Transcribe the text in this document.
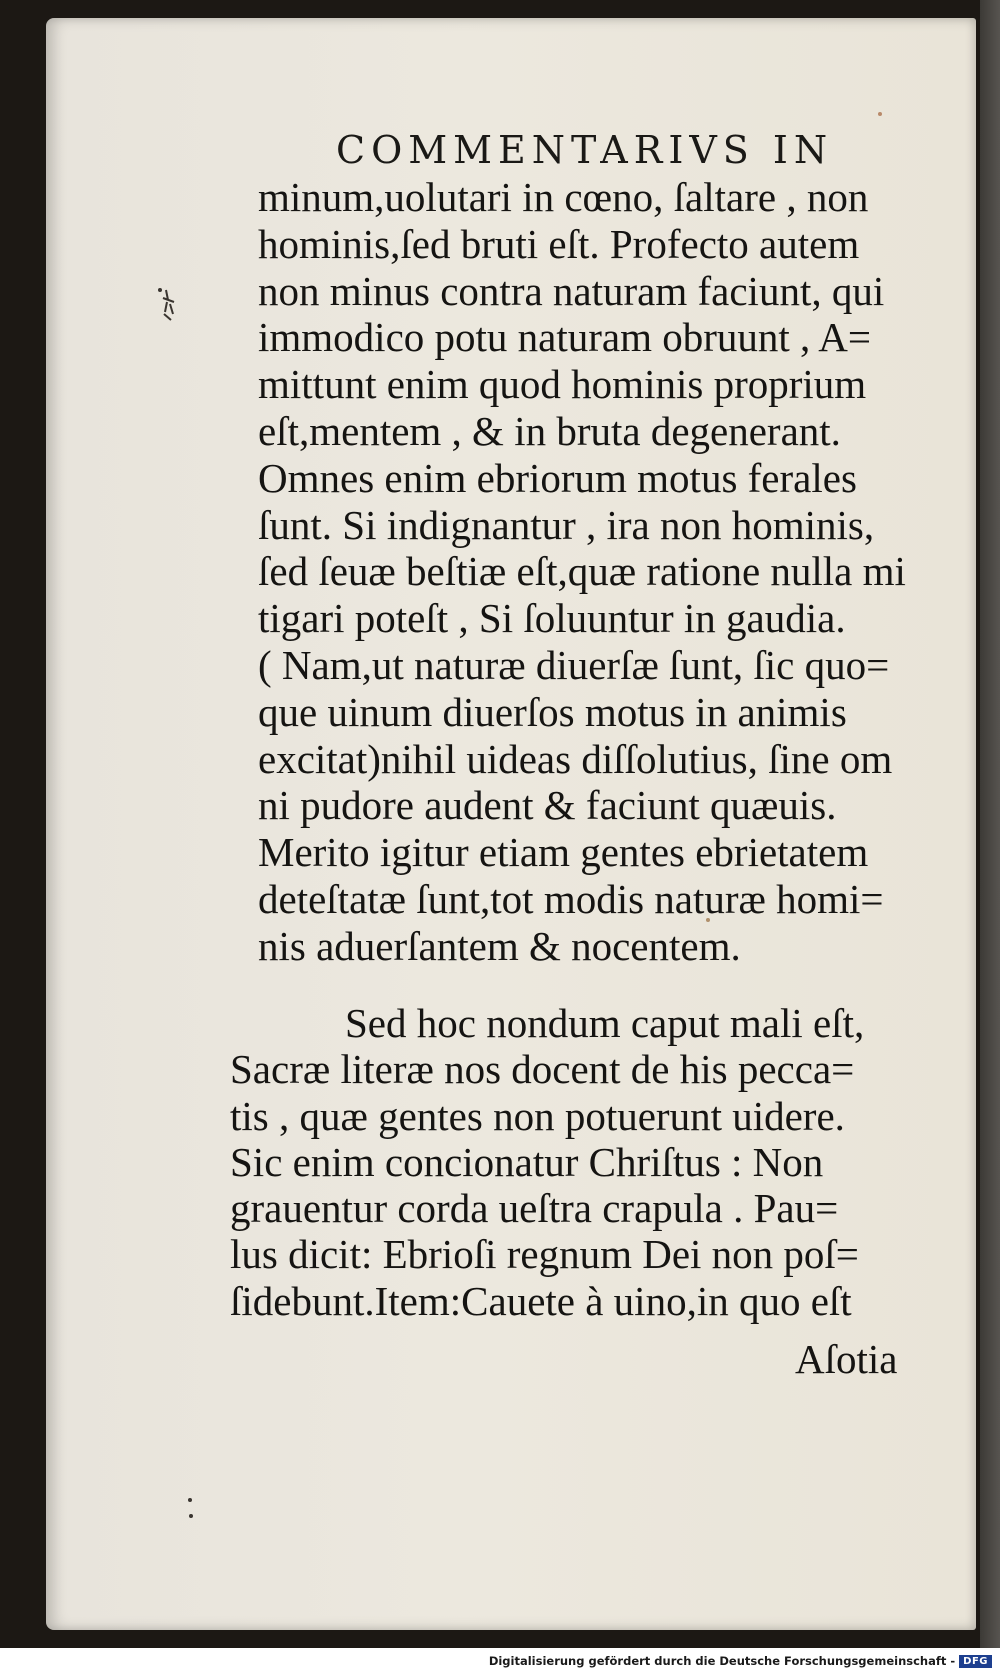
COMMENTARIVS IN
minum,uolutari in cœno, ſaltare , non
hominis,ſed bruti eſt. Profecto autem
non minus contra naturam faciunt, qui
immodico potu naturam obruunt , A=
mittunt enim quod hominis proprium
eſt,mentem , & in bruta degenerant.
Omnes enim ebriorum motus ferales
ſunt. Si indignantur , ira non hominis,
ſed ſeuæ beſtiæ eſt,quæ ratione nulla mi
tigari poteſt , Si ſoluuntur in gaudia.
( Nam,ut naturæ diuerſæ ſunt, ſic quo=
que uinum diuerſos motus in animis
excitat)nihil uideas diſſolutius, ſine om
ni pudore audent & faciunt quæuis.
Merito igitur etiam gentes ebrietatem
deteſtatæ ſunt,tot modis naturæ homi=
nis aduerſantem & nocentem.
Sed hoc nondum caput mali eſt,
Sacræ literæ nos docent de his pecca=
tis , quæ gentes non potuerunt uidere.
Sic enim concionatur Chriſtus : Non
grauentur corda ueſtra crapula . Pau=
lus dicit: Ebrioſi regnum Dei non poſ=
ſidebunt.Item:Cauete à uino,in quo eſt
Aſotia
Digitalisierung gefördert durch die Deutsche Forschungsgemeinschaft - DFG
